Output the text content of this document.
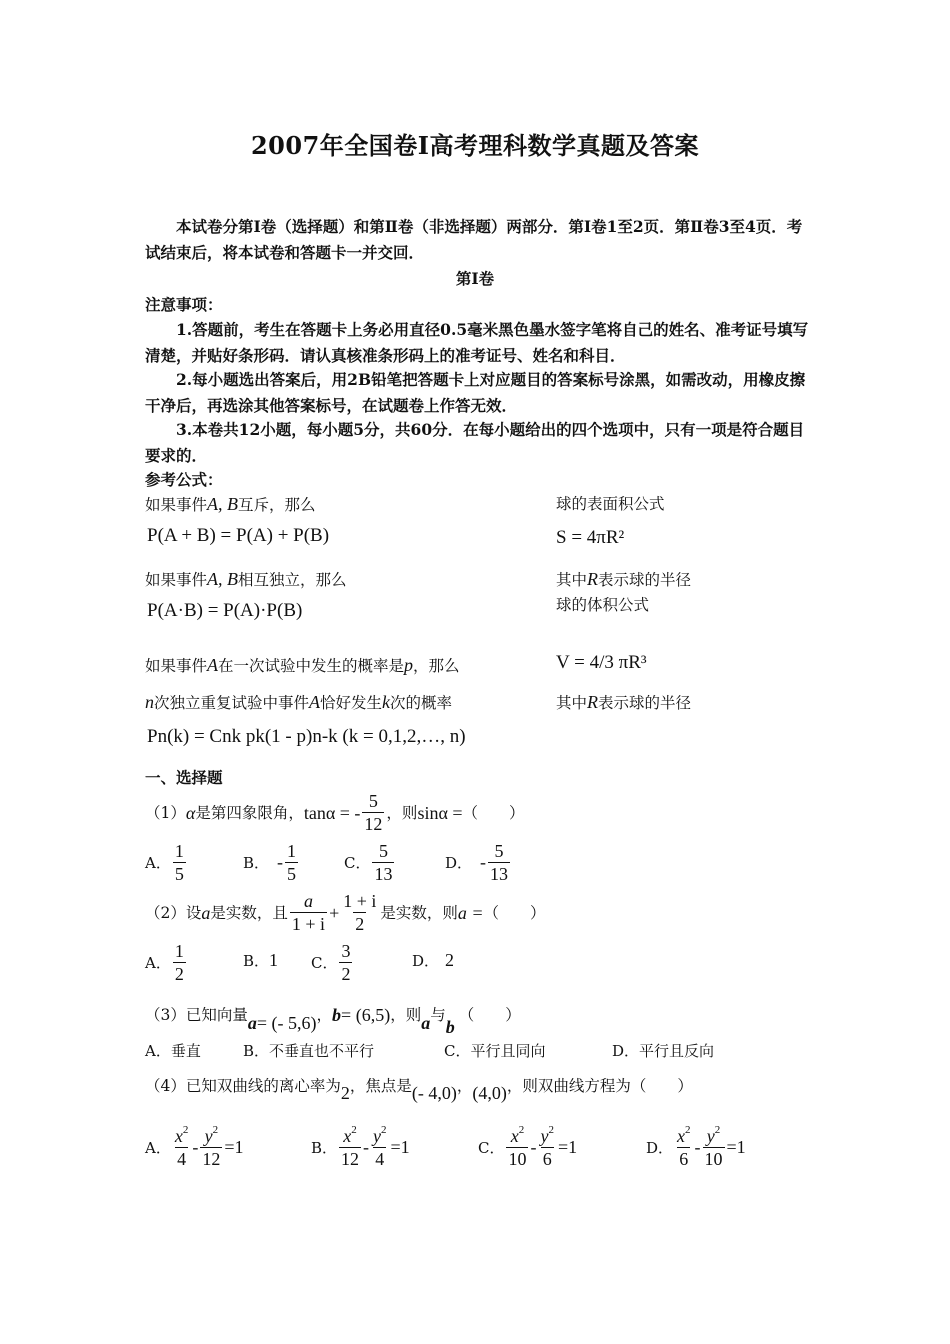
2007年全国卷Ⅰ高考理科数学真题及答案
本试卷分第Ⅰ卷（选择题）和第Ⅱ卷（非选择题）两部分．第Ⅰ卷1至2页．第Ⅱ卷3至4页．考试结束后，将本试卷和答题卡一并交回．
第Ⅰ卷
注意事项：
1.答题前，考生在答题卡上务必用直径0.5毫米黑色墨水签字笔将自己的姓名、准考证号填写清楚，并贴好条形码．请认真核准条形码上的准考证号、姓名和科目．
2.每小题选出答案后，用2B铅笔把答题卡上对应题目的答案标号涂黑，如需改动，用橡皮擦干净后，再选涂其他答案标号，在试题卷上作答无效．
3.本卷共12小题，每小题5分，共60分．在每小题给出的四个选项中，只有一项是符合题目要求的．
参考公式：
如果事件A, B互斥，那么
P(A + B) = P(A) + P(B)
如果事件A, B相互独立，那么
P(A·B) = P(A)·P(B)
如果事件A在一次试验中发生的概率是p，那么
n次独立重复试验中事件A恰好发生k次的概率
Pn(k) = Cnk pk(1 - p)n-k (k = 0,1,2,…, n)
球的表面积公式
S = 4πR²
其中R表示球的半径
球的体积公式
V = 4/3 πR³
其中R表示球的半径
一、选择题
（1） α 是第四象限角， tanα = - $\frac{5}{12}$ ，则 sinα = （　　）
A． $\frac{1}{5}$	B． - $\frac{1}{5}$	C． $\frac{5}{13}$	D． - $\frac{5}{13}$
（2） 设 a 是实数，且 $\frac{a}{1 + i} + \frac{1 + i}{2}$ 是实数，则 a = （　　）
A． $\frac{1}{2}$	B．1 C． $\frac{3}{2}$	D． 2
（3） 已知向量 a = (- 5,6) ， b = (6,5) ，则 a 与
b
（　　）
A．垂直	B．不垂直也不平行	C．平行且同向	D．平行且反向
（4） 已知双曲线的离心率为 2 ，焦点是 (- 4,0) ， (4,0) ，则双曲线方程为（　　）
A． $\frac{x^2}{4} - \frac{y^2}{12} =1$	B． $\frac{x^2}{12} - \frac{y^2}{4} =1$	C． $\frac{x^2}{10} - \frac{y^2}{6} =1$	D． $\frac{x^2}{6} - \frac{y^2}{10} =1$
